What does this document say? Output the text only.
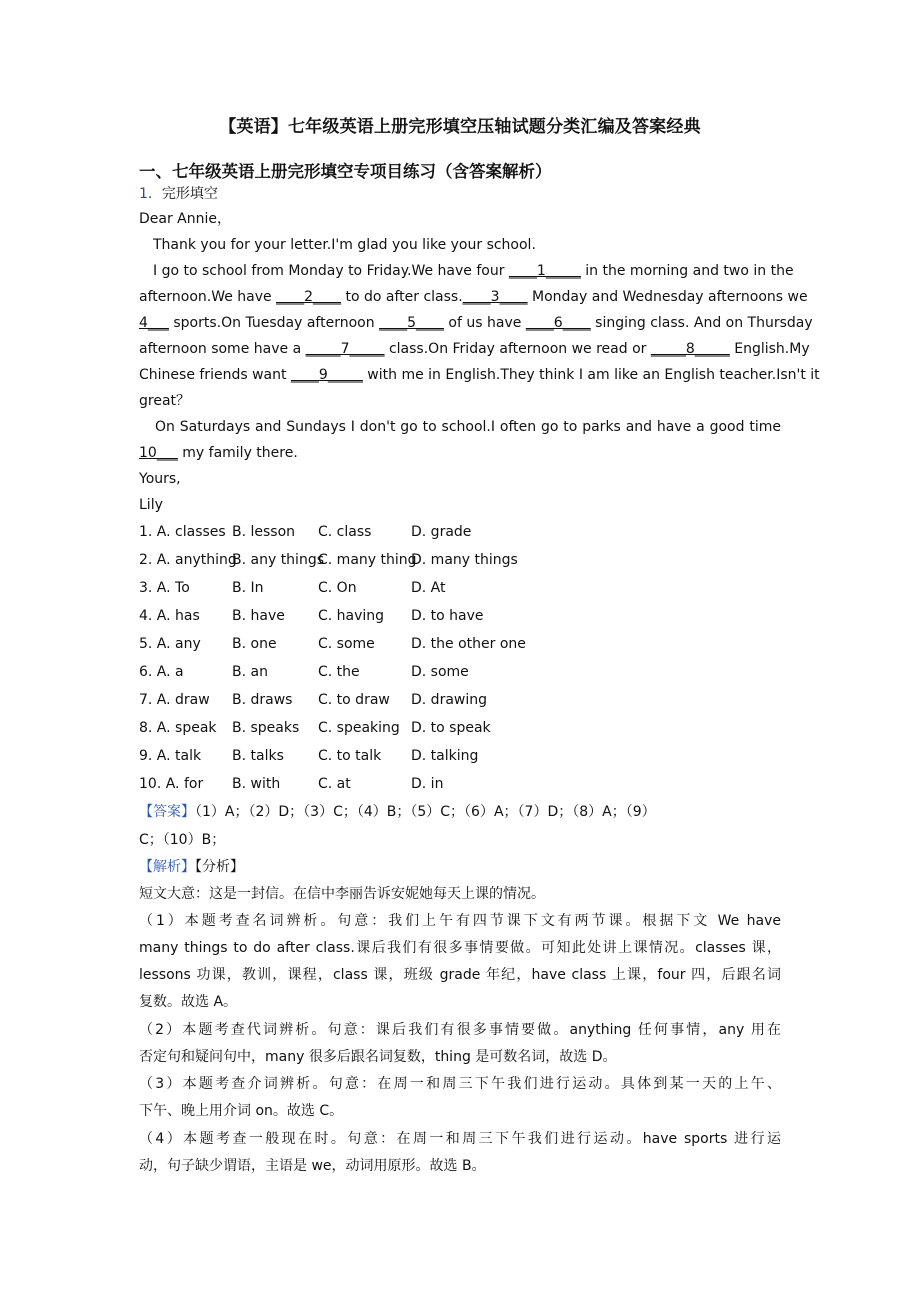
【英语】七年级英语上册完形填空压轴试题分类汇编及答案经典
一、七年级英语上册完形填空专项目练习（含答案解析）
1．完形填空
Dear Annie，
Thank you for your letter.I'm glad you like your school.
I go to school from Monday to Friday.We have four ____1_____ in the morning and two in the
afternoon.We have ____2____ to do after class.____3____ Monday and Wednesday afternoons we
4___ sports.On Tuesday afternoon ____5____ of us have ____6____ singing class. And on Thursday
afternoon some have a _____7_____ class.On Friday afternoon we read or _____8_____ English.My
Chinese friends want ____9_____ with me in English.They think I am like an English teacher.Isn't it
great？
On Saturdays and Sundays I don't go to school.I often go to parks and have a good time
10___ my family there.
Yours,
Lily
1. A. classes B. lesson C. class	D. grade
2. A. anything
B. any things
C. many thing
D. many things
3. A. To	B. In	C. On	D. At
4. A. has B. have C. having D. to have
5. A. any B. one	C. some	D. the other one
6. A. a	B. an	C. the	D. some
7. A. draw B. draws C. to draw D. drawing
8. A. speak B. speaks C. speaking D. to speak
9. A. talk B. talks C. to talk D. talking
10. A. for B. with	C. at	D. in
【答案】（1）A；（2）D；（3）C；（4）B；（5）C；（6）A；（7）D；（8）A；（9）
C；（10）B；
【解析】【分析】
短文大意：这是一封信。在信中李丽告诉安妮她每天上课的情况。
（1）本题考查名词辨析。句意：我们上午有四节课下文有两节课。根据下文 We have
many things to do after class.课后我们有很多事情要做。可知此处讲上课情况。classes 课，
lessons 功课，教训，课程，class 课，班级 grade 年纪，have class 上课，four 四，后跟名词
复数。故选 A。
（2）本题考查代词辨析。句意：课后我们有很多事情要做。anything 任何事情，any 用在
否定句和疑问句中，many 很多后跟名词复数，thing 是可数名词，故选 D。
（3）本题考查介词辨析。句意：在周一和周三下午我们进行运动。具体到某一天的上午、
下午、晚上用介词 on。故选 C。
（4）本题考查一般现在时。句意：在周一和周三下午我们进行运动。have sports 进行运
动，句子缺少谓语，主语是 we，动词用原形。故选 B。
